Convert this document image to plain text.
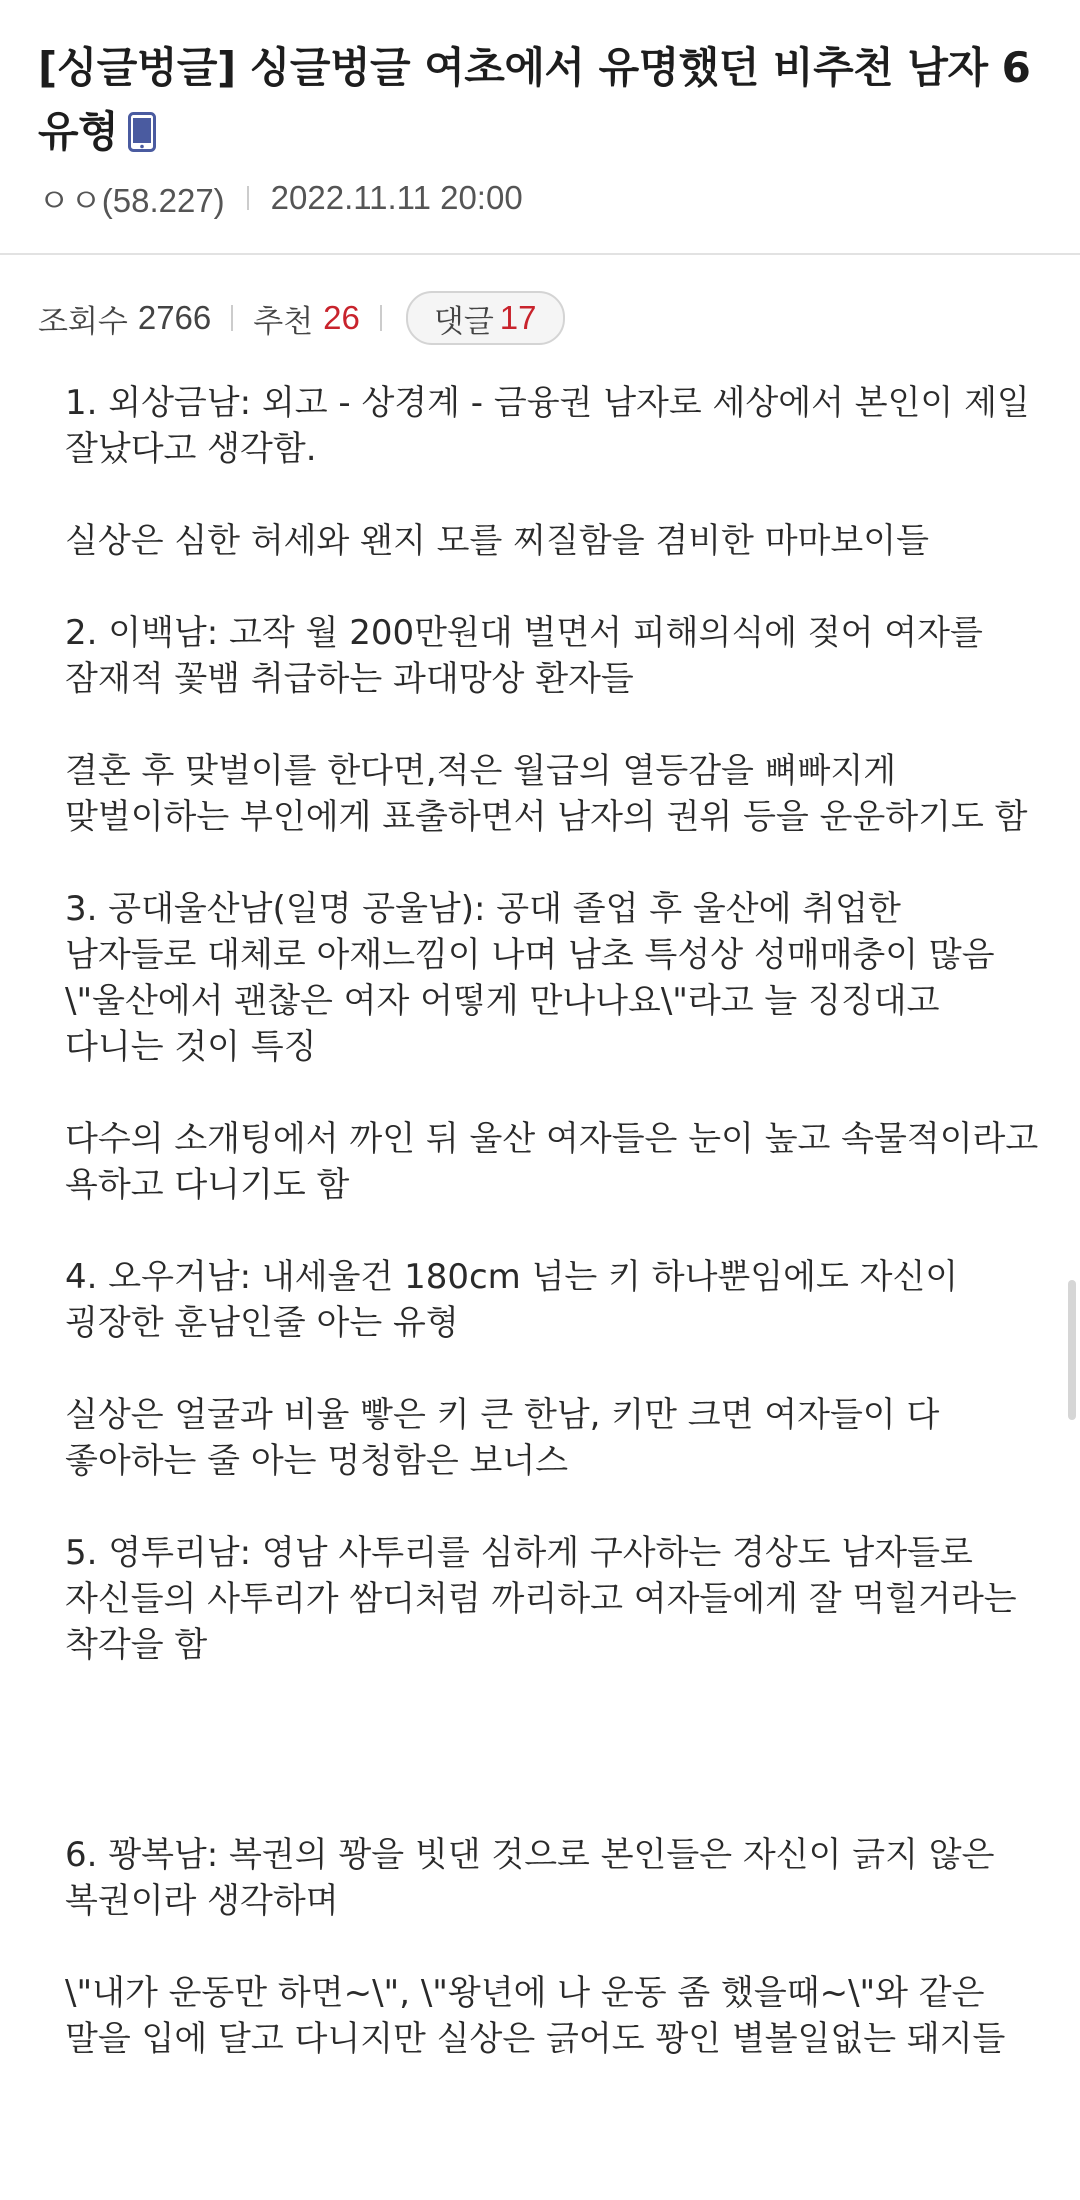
[싱글벙글] 싱글벙글 여초에서 유명했던 비추천 남자 6유형
ㅇㅇ(58.227) 2022.11.11 20:00
조회수 2766 추천 26 댓글 17

1. 외상금남: 외고 - 상경계 - 금융권 남자로 세상에서 본인이 제일 잘났다고 생각함.

실상은 심한 허세와 왠지 모를 찌질함을 겸비한 마마보이들

2. 이백남: 고작 월 200만원대 벌면서 피해의식에 젖어 여자를 잠재적 꽃뱀 취급하는 과대망상 환자들

결혼 후 맞벌이를 한다면,적은 월급의 열등감을 뼈빠지게 맞벌이하는 부인에게 표출하면서 남자의 권위 등을 운운하기도 함

3. 공대울산남(일명 공울남): 공대 졸업 후 울산에 취업한 남자들로 대체로 아재느낌이 나며 남초 특성상 성매매충이 많음
\"울산에서 괜찮은 여자 어떻게 만나나요\"라고 늘 징징대고 다니는 것이 특징

다수의 소개팅에서 까인 뒤 울산 여자들은 눈이 높고 속물적이라고 욕하고 다니기도 함

4. 오우거남: 내세울건 180cm 넘는 키 하나뿐임에도 자신이 굉장한 훈남인줄 아는 유형

실상은 얼굴과 비율 빻은 키 큰 한남, 키만 크면 여자들이 다 좋아하는 줄 아는 멍청함은 보너스

5. 영투리남: 영남 사투리를 심하게 구사하는 경상도 남자들로 자신들의 사투리가 쌈디처럼 까리하고 여자들에게 잘 먹힐거라는 착각을 함

6. 꽝복남: 복권의 꽝을 빗댄 것으로 본인들은 자신이 긁지 않은 복권이라 생각하며

\"내가 운동만 하면~\", \"왕년에 나 운동 좀 했을때~\"와 같은 말을 입에 달고 다니지만 실상은 긁어도 꽝인 별볼일없는 돼지들
